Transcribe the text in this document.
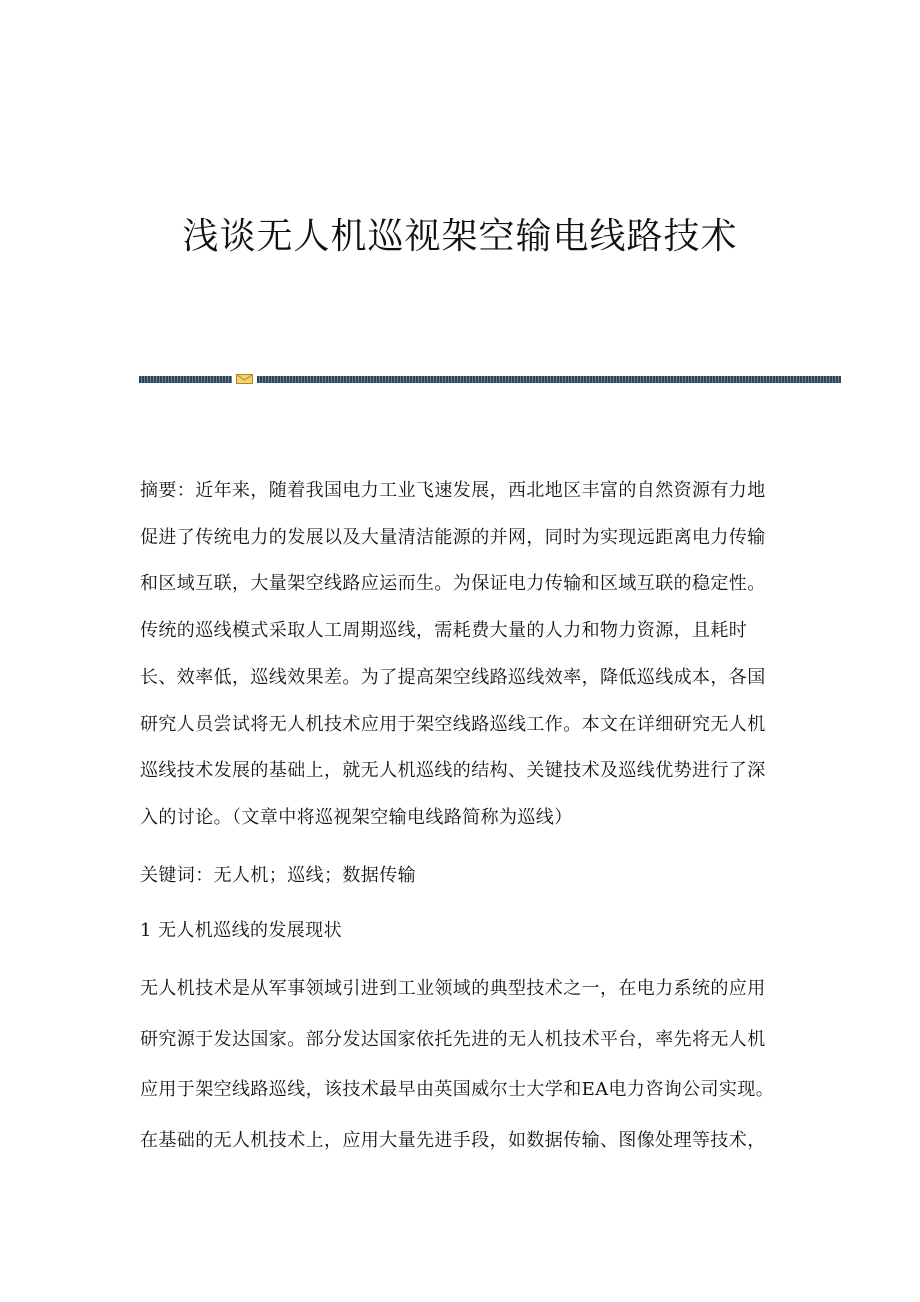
浅谈无人机巡视架空输电线路技术
摘要：近年来，随着我国电力工业飞速发展，西北地区丰富的自然资源有力地
促进了传统电力的发展以及大量清洁能源的并网，同时为实现远距离电力传输
和区域互联，大量架空线路应运而生。为保证电力传输和区域互联的稳定性。
传统的巡线模式采取人工周期巡线，需耗费大量的人力和物力资源，且耗时
长、效率低，巡线效果差。为了提高架空线路巡线效率，降低巡线成本，各国
研究人员尝试将无人机技术应用于架空线路巡线工作。本文在详细研究无人机
巡线技术发展的基础上，就无人机巡线的结构、关键技术及巡线优势进行了深
入的讨论。（文章中将巡视架空输电线路简称为巡线）
关键词：无人机；巡线；数据传输
1 无人机巡线的发展现状
无人机技术是从军事领域引进到工业领域的典型技术之一，在电力系统的应用
研究源于发达国家。部分发达国家依托先进的无人机技术平台，率先将无人机
应用于架空线路巡线，该技术最早由英国威尔士大学和EA电力咨询公司实现。
在基础的无人机技术上，应用大量先进手段，如数据传输、图像处理等技术，
